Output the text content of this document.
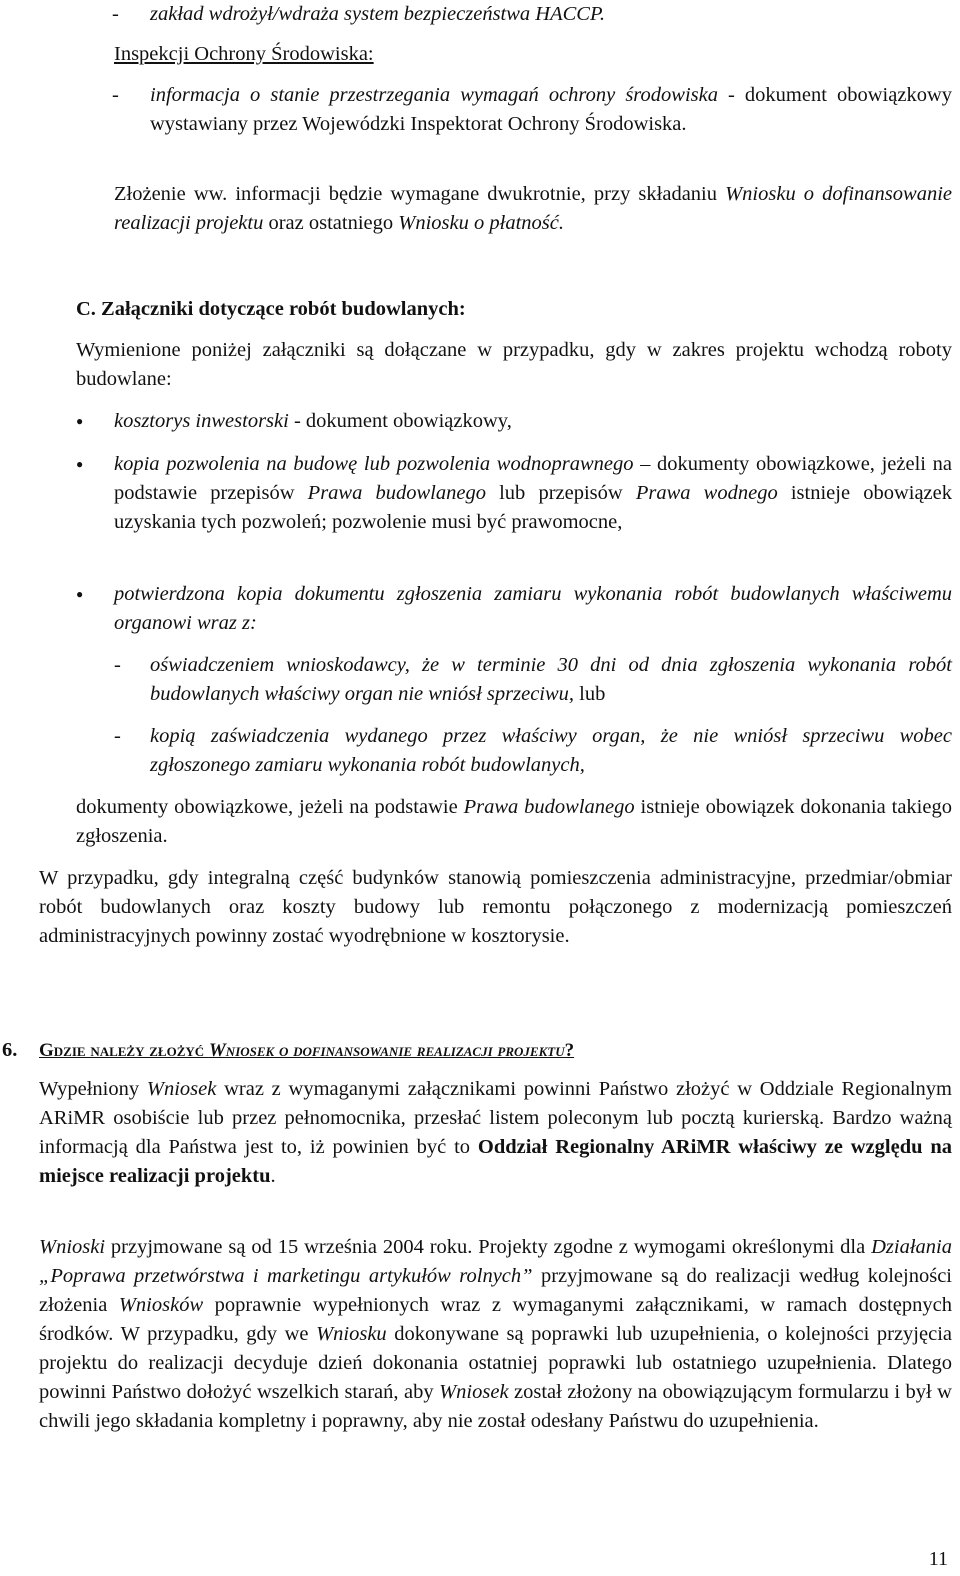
- zakład wdrożył/wdraża system bezpieczeństwa HACCP.

Inspekcji Ochrony Środowiska:

- informacja o stanie przestrzegania wymagań ochrony środowiska - dokument obowiązkowy wystawiany przez Wojewódzki Inspektorat Ochrony Środowiska.

Złożenie ww. informacji będzie wymagane dwukrotnie, przy składaniu Wniosku o dofinansowanie realizacji projektu oraz ostatniego Wniosku o płatność.

C. Załączniki dotyczące robót budowlanych:

Wymienione poniżej załączniki są dołączane w przypadku, gdy w zakres projektu wchodzą roboty budowlane:

● kosztorys inwestorski - dokument obowiązkowy,

● kopia pozwolenia na budowę lub pozwolenia wodnoprawnego – dokumenty obowiązkowe, jeżeli na podstawie przepisów Prawa budowlanego lub przepisów Prawa wodnego istnieje obowiązek uzyskania tych pozwoleń; pozwolenie musi być prawomocne,

● potwierdzona kopia dokumentu zgłoszenia zamiaru wykonania robót budowlanych właściwemu organowi wraz z:

- oświadczeniem wnioskodawcy, że w terminie 30 dni od dnia zgłoszenia wykonania robót budowlanych właściwy organ nie wniósł sprzeciwu, lub

- kopią zaświadczenia wydanego przez właściwy organ, że nie wniósł sprzeciwu wobec zgłoszonego zamiaru wykonania robót budowlanych,

dokumenty obowiązkowe, jeżeli na podstawie Prawa budowlanego istnieje obowiązek dokonania takiego zgłoszenia.

W przypadku, gdy integralną część budynków stanowią pomieszczenia administracyjne, przedmiar/obmiar robót budowlanych oraz koszty budowy lub remontu połączonego z modernizacją pomieszczeń administracyjnych powinny zostać wyodrębnione w kosztorysie.

6. Gdzie należy złożyć Wniosek o dofinansowanie realizacji projektu?

Wypełniony Wniosek wraz z wymaganymi załącznikami powinni Państwo złożyć w Oddziale Regionalnym ARiMR osobiście lub przez pełnomocnika, przesłać listem poleconym lub pocztą kurierską. Bardzo ważną informacją dla Państwa jest to, iż powinien być to Oddział Regionalny ARiMR właściwy ze względu na miejsce realizacji projektu.

Wnioski przyjmowane są od 15 września 2004 roku. Projekty zgodne z wymogami określonymi dla Działania „Poprawa przetwórstwa i marketingu artykułów rolnych” przyjmowane są do realizacji według kolejności złożenia Wniosków poprawnie wypełnionych wraz z wymaganymi załącznikami, w ramach dostępnych środków. W przypadku, gdy we Wniosku dokonywane są poprawki lub uzupełnienia, o kolejności przyjęcia projektu do realizacji decyduje dzień dokonania ostatniej poprawki lub ostatniego uzupełnienia. Dlatego powinni Państwo dołożyć wszelkich starań, aby Wniosek został złożony na obowiązującym formularzu i był w chwili jego składania kompletny i poprawny, aby nie został odesłany Państwu do uzupełnienia.

11
